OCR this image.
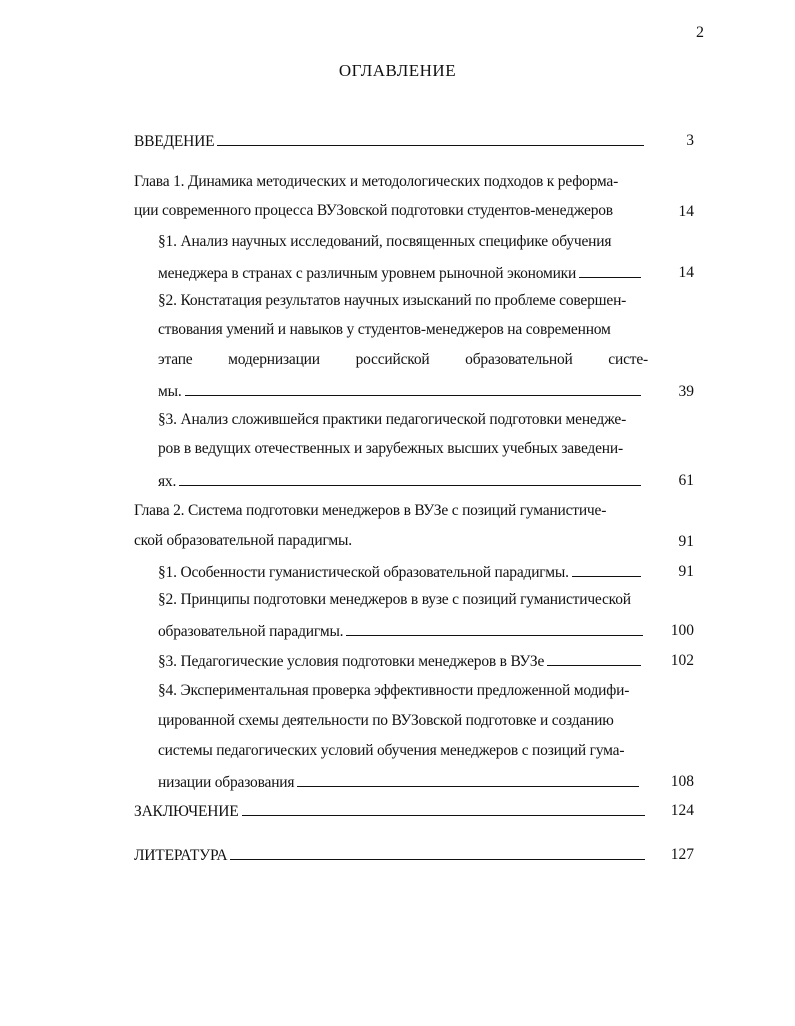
2
ОГЛАВЛЕНИЕ
ВВЕДЕНИЕ	3
Глава 1. Динамика методических и методологических подходов к реформа-
ции современного процесса ВУЗовской подготовки студентов-менеджеров	14
§1. Анализ научных исследований, посвященных специфике обучения
менеджера в странах с различным уровнем рыночной экономики	14
§2. Констатация результатов научных изысканий по проблеме совершен-
ствования умений и навыков у студентов-менеджеров на современном
этапе модернизации российской образовательной систе-
мы.	39
§3. Анализ сложившейся практики педагогической подготовки менедже-
ров в ведущих отечественных и зарубежных высших учебных заведени-
ях.	61
Глава 2. Система подготовки менеджеров в ВУЗе с позиций гуманистиче-
ской образовательной парадигмы.	91
§1. Особенности гуманистической образовательной парадигмы.	91
§2. Принципы подготовки менеджеров в вузе с позиций гуманистической
образовательной парадигмы.	100
§3. Педагогические условия подготовки менеджеров в ВУЗе	102
§4. Экспериментальная проверка эффективности предложенной модифи-
цированной схемы деятельности по ВУЗовской подготовке и созданию
системы педагогических условий обучения менеджеров с позиций гума-
низации образования	108
ЗАКЛЮЧЕНИЕ	124
ЛИТЕРАТУРА	127
